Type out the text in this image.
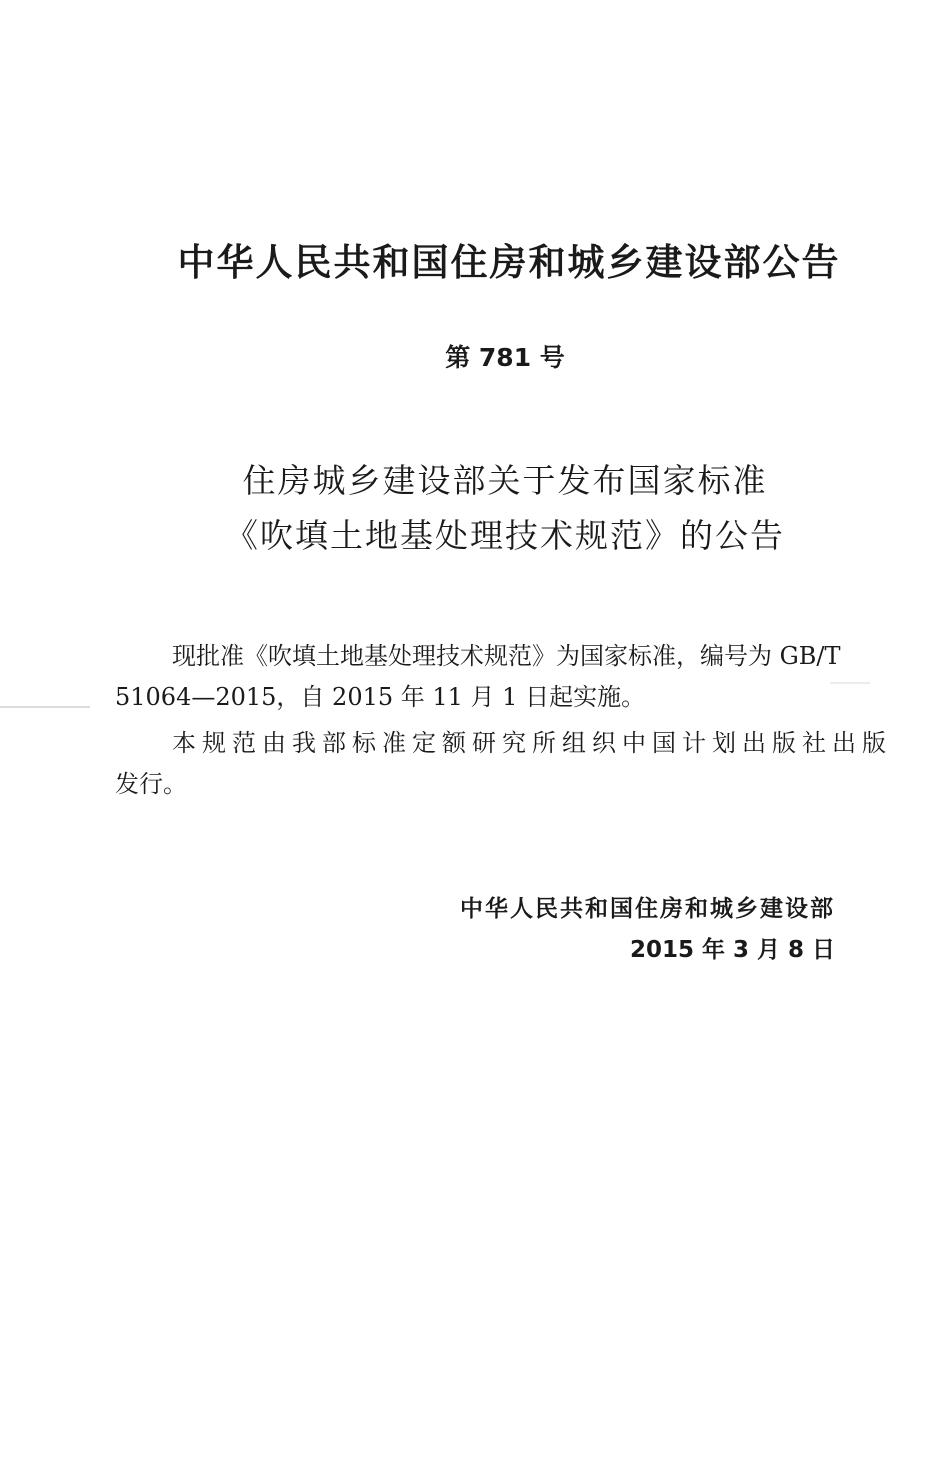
中华人民共和国住房和城乡建设部公告
第 781 号
住房城乡建设部关于发布国家标准
《吹填土地基处理技术规范》的公告
现批准《吹填土地基处理技术规范》为国家标准，编号为 GB/T
51064—2015，自 2015 年 11 月 1 日起实施。
本规范由我部标准定额研究所组织中国计划出版社出版
发行。
中华人民共和国住房和城乡建设部
2015 年 3 月 8 日
